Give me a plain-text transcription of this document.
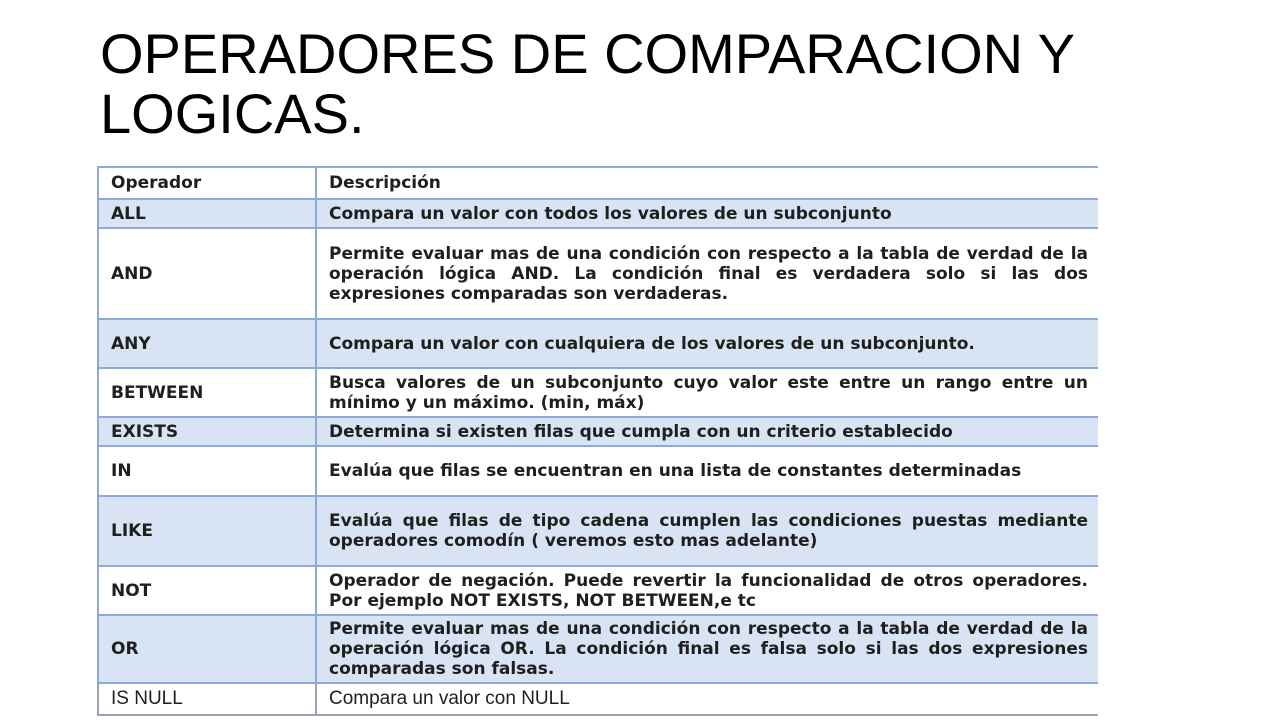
OPERADORES DE COMPARACION Y LOGICAS.
Operador	Descripción
ALL	Compara un valor con todos los valores de un subconjunto
AND	Permite evaluar mas de una condición con respecto a la tabla de verdad de la operación lógica AND. La condición final es verdadera solo si las dos expresiones comparadas son verdaderas.
ANY	Compara un valor con cualquiera de los valores de un subconjunto.
BETWEEN	Busca valores de un subconjunto cuyo valor este entre un rango entre un mínimo y un máximo. (min, máx)
EXISTS	Determina si existen filas que cumpla con un criterio establecido
IN	Evalúa que filas se encuentran en una lista de constantes determinadas
LIKE	Evalúa que filas de tipo cadena cumplen las condiciones puestas mediante operadores comodín ( veremos esto mas adelante)
NOT	Operador de negación. Puede revertir la funcionalidad de otros operadores. Por ejemplo NOT EXISTS, NOT BETWEEN,e tc
OR	Permite evaluar mas de una condición con respecto a la tabla de verdad de la operación lógica OR. La condición final es falsa solo si las dos expresiones comparadas son falsas.
IS NULL	Compara un valor con NULL
